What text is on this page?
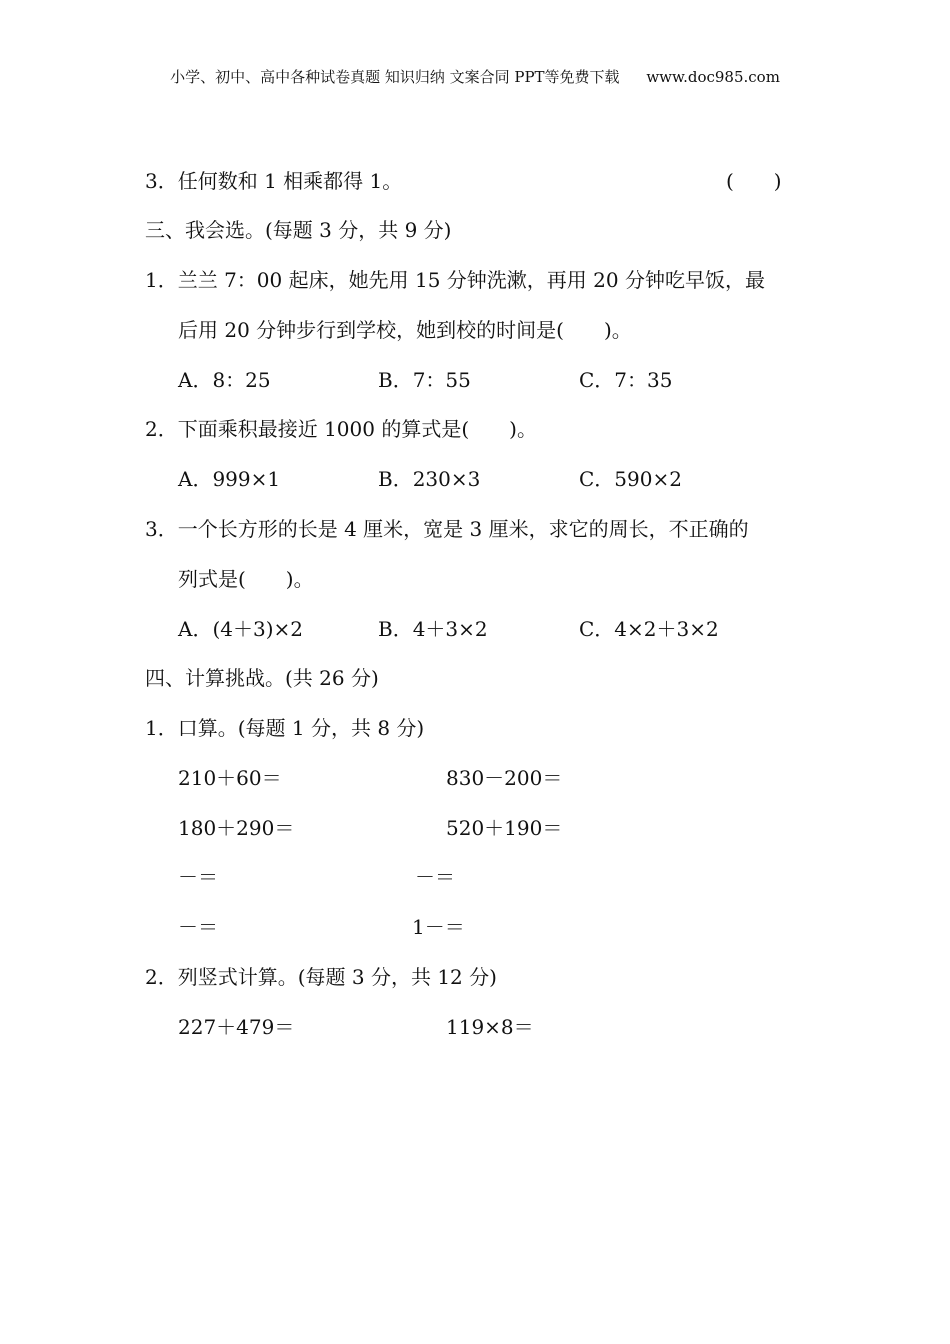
小学、初中、高中各种试卷真题 知识归纳 文案合同 PPT等免费下载 www.doc985.com
3．任何数和 1 相乘都得 1。	(　　)
三、我会选。(每题 3 分，共 9 分)
1．兰兰 7：00 起床，她先用 15 分钟洗漱，再用 20 分钟吃早饭，最
后用 20 分钟步行到学校，她到校的时间是(　　)。
A．8：25	B．7：55	C．7：35
2．下面乘积最接近 1000 的算式是(　　)。
A．999×1	B．230×3	C．590×2
3．一个长方形的长是 4 厘米，宽是 3 厘米，求它的周长，不正确的
列式是(　　)。
A．(4＋3)×2	B．4＋3×2	C．4×2＋3×2
四、计算挑战。(共 26 分)
1．口算。(每题 1 分，共 8 分)
210＋60＝	830－200＝
180＋290＝	520＋190＝
－＝	－＝
－＝	1－＝
2．列竖式计算。(每题 3 分，共 12 分)
227＋479＝	119×8＝
